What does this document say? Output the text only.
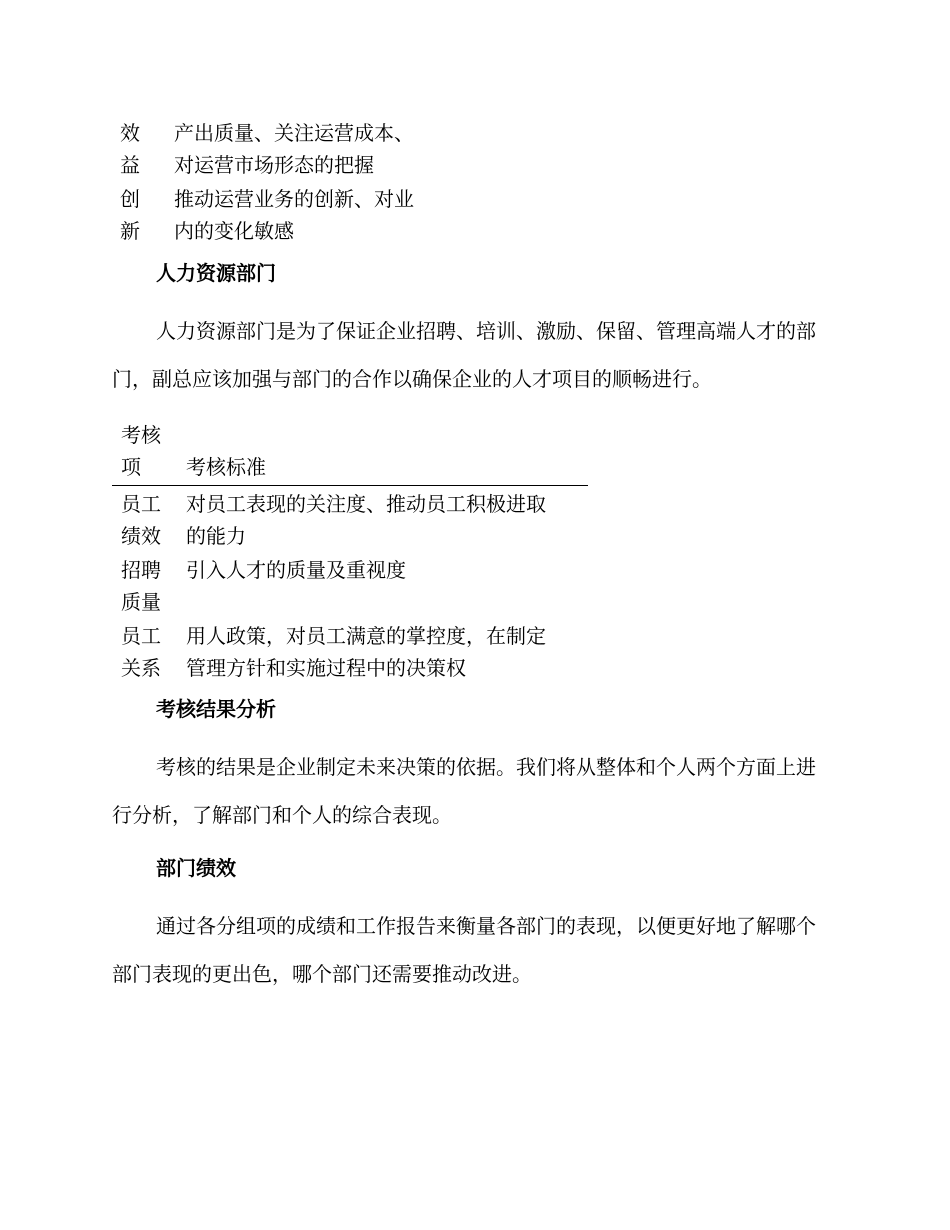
效
益
产出质量、关注运营成本、
对运营市场形态的把握
创
新
推动运营业务的创新、对业
内的变化敏感
人力资源部门
人力资源部门是为了保证企业招聘、培训、激励、保留、管理高端人才的部门，副总应该加强与部门的合作以确保企业的人才项目的顺畅进行。
考核
项	考核标准
员工
绩效
对员工表现的关注度、推动员工积极进取
的能力
招聘
质量
引入人才的质量及重视度
员工
关系
用人政策，对员工满意的掌控度，在制定
管理方针和实施过程中的决策权
考核结果分析
考核的结果是企业制定未来决策的依据。我们将从整体和个人两个方面上进行分析，了解部门和个人的综合表现。
部门绩效
通过各分组项的成绩和工作报告来衡量各部门的表现，以便更好地了解哪个部门表现的更出色，哪个部门还需要推动改进。
